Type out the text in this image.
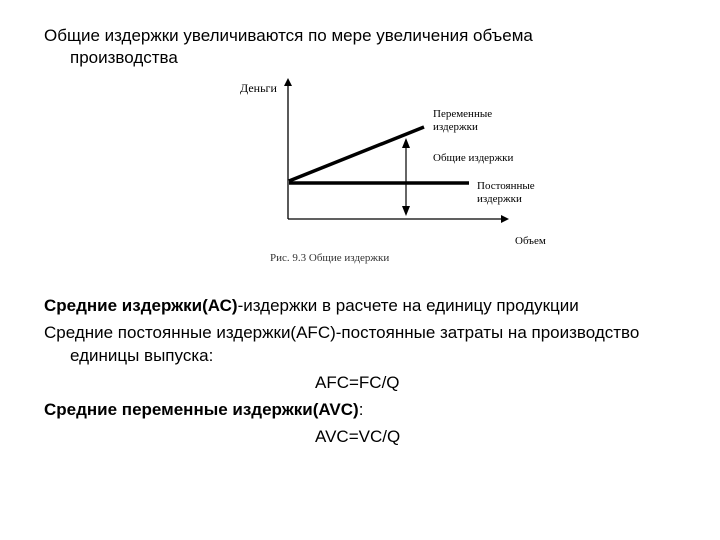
Общие издержки увеличиваются по мере увеличения объема
производства
Деньги
Переменные
издержки
Общие издержки
Постоянные
издержки
Объем
Рис. 9.3 Общие издержки
Средние издержки(АС)-издержки в расчете на единицу продукции
Средние постоянные издержки(AFC)-постоянные затраты на производство
единицы выпуска:
AFC=FC/Q
Средние переменные издержки(AVC):
AVC=VC/Q
